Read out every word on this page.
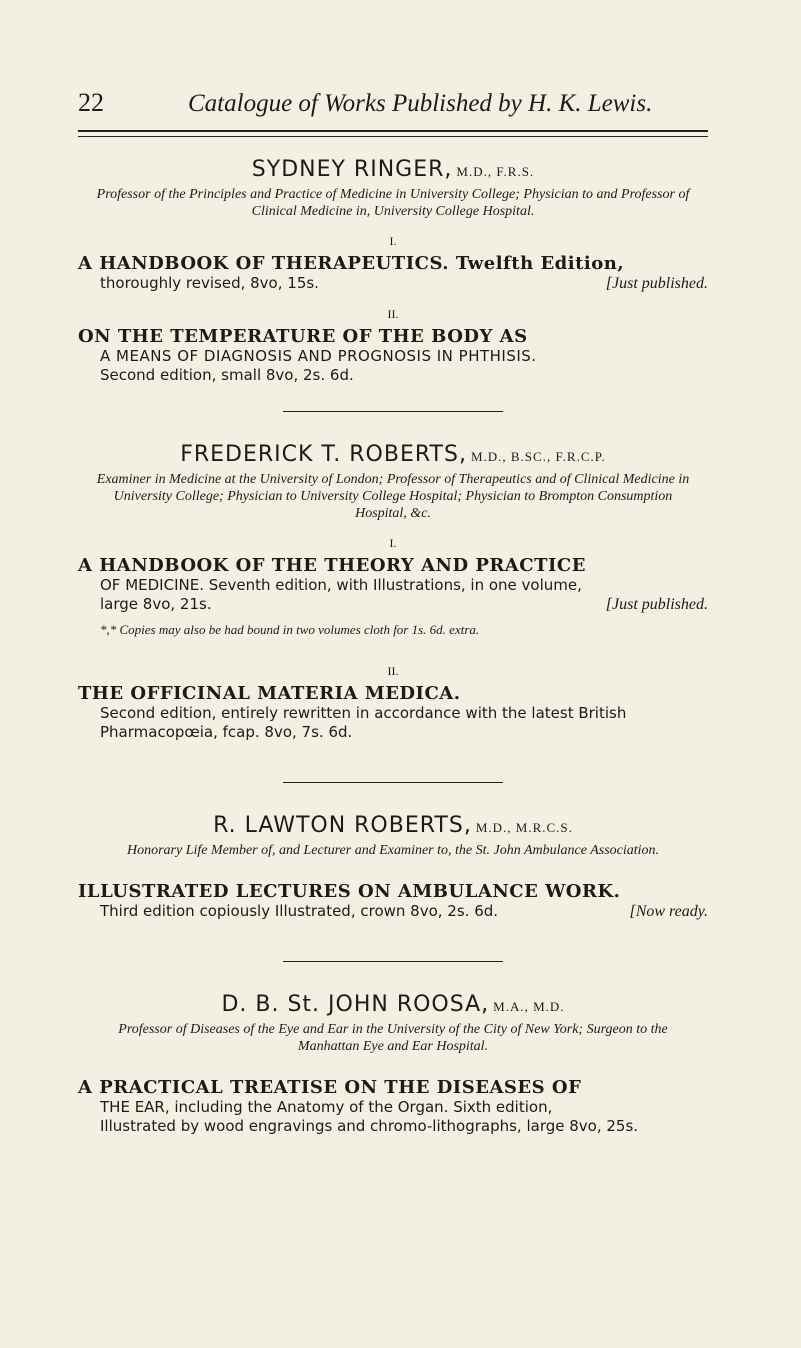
22	Catalogue of Works Published by H. K. Lewis.
SYDNEY RINGER, M.D., F.R.S.
Professor of the Principles and Practice of Medicine in University College; Physician to and Professor of Clinical Medicine in, University College Hospital.
I.
A HANDBOOK OF THERAPEUTICS. Twelfth Edition,
thoroughly revised, 8vo, 15s.	[Just published.
II.
ON THE TEMPERATURE OF THE BODY AS
A MEANS OF DIAGNOSIS AND PROGNOSIS IN PHTHISIS.
Second edition, small 8vo, 2s. 6d.
FREDERICK T. ROBERTS, M.D., B.SC., F.R.C.P.
Examiner in Medicine at the University of London; Professor of Therapeutics and of Clinical Medicine in University College; Physician to University College Hospital; Physician to Brompton Consumption Hospital, &c.
I.
A HANDBOOK OF THE THEORY AND PRACTICE
OF MEDICINE. Seventh edition, with Illustrations, in one volume,
large 8vo, 21s.	[Just published.
*,* Copies may also be had bound in two volumes cloth for 1s. 6d. extra.
II.
THE OFFICINAL MATERIA MEDICA.
Second edition, entirely rewritten in accordance with the latest British
Pharmacopœia, fcap. 8vo, 7s. 6d.
R. LAWTON ROBERTS, M.D., M.R.C.S.
Honorary Life Member of, and Lecturer and Examiner to, the St. John Ambulance Association.
ILLUSTRATED LECTURES ON AMBULANCE WORK.
Third edition copiously Illustrated, crown 8vo, 2s. 6d.	[Now ready.
D. B. St. JOHN ROOSA, M.A., M.D.
Professor of Diseases of the Eye and Ear in the University of the City of New York; Surgeon to the Manhattan Eye and Ear Hospital.
A PRACTICAL TREATISE ON THE DISEASES OF
THE EAR, including the Anatomy of the Organ. Sixth edition,
Illustrated by wood engravings and chromo-lithographs, large 8vo, 25s.
